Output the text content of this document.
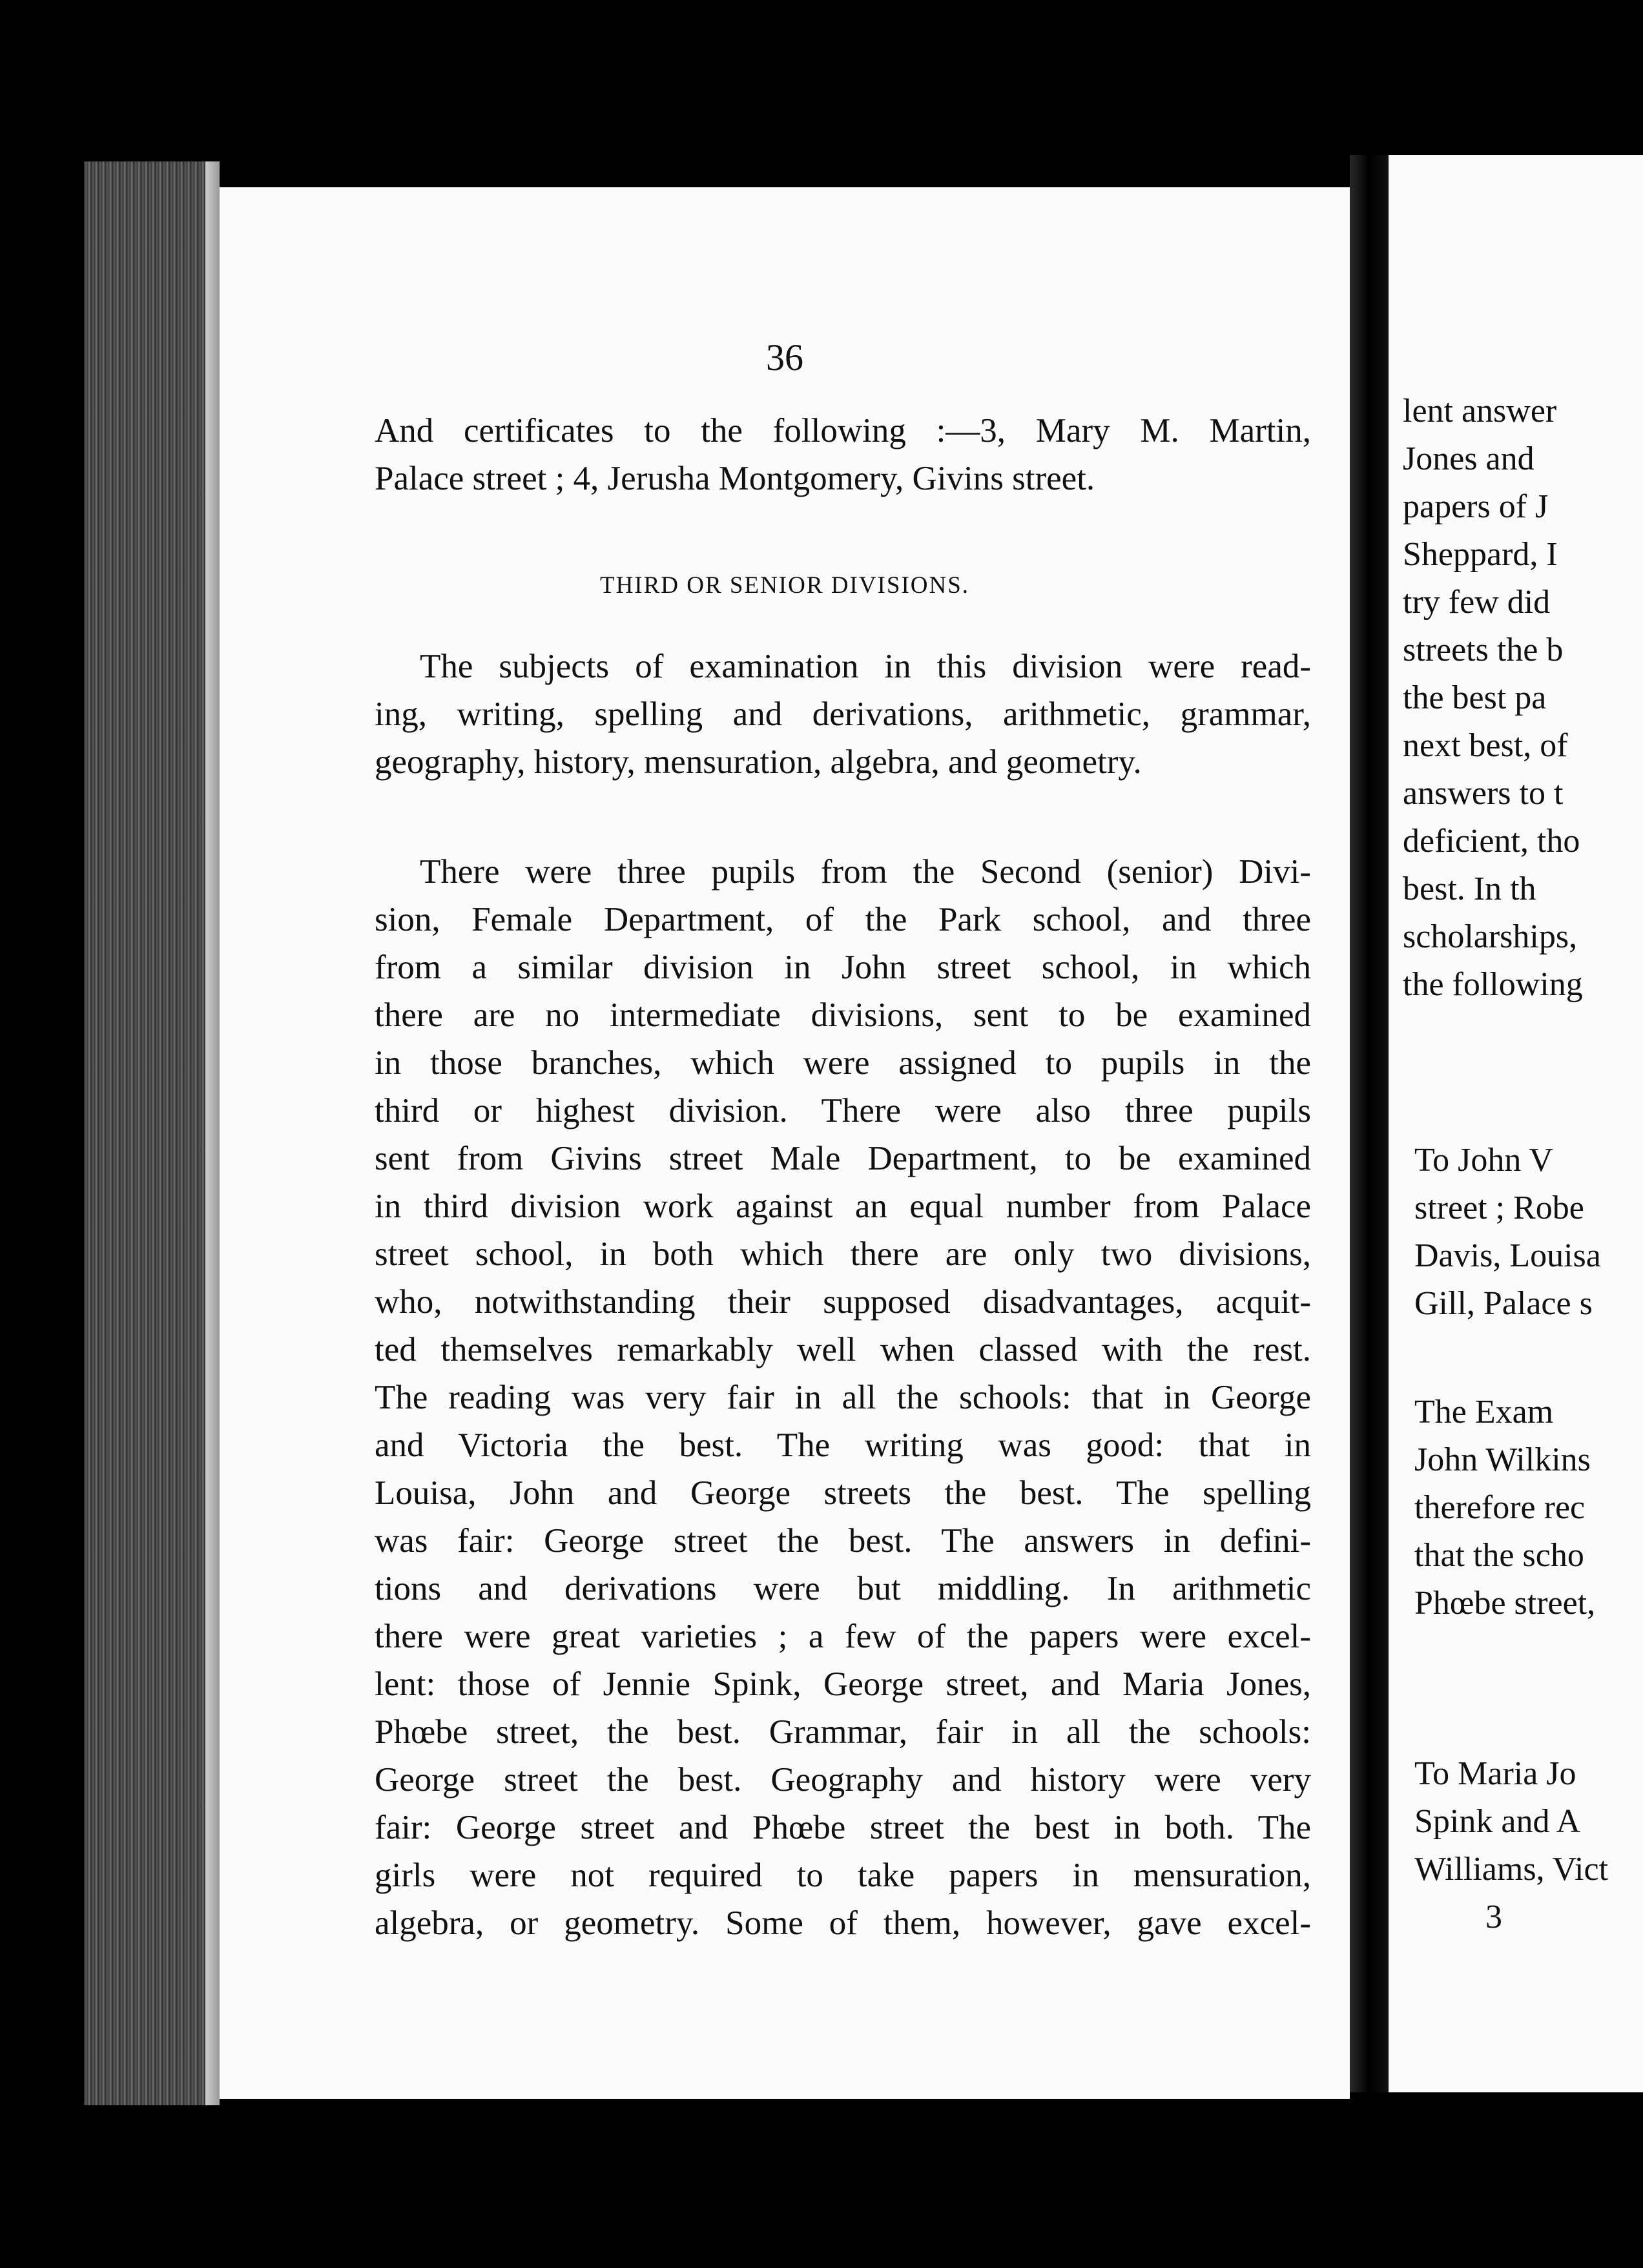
36
And certificates to the following :—3, Mary M. Martin,
Palace street ; 4, Jerusha Montgomery, Givins street.
THIRD OR SENIOR DIVISIONS.
The subjects of examination in this division were read-
ing, writing, spelling and derivations, arithmetic, grammar,
geography, history, mensuration, algebra, and geometry.
There were three pupils from the Second (senior) Divi-
sion, Female Department, of the Park school, and three
from a similar division in John street school, in which
there are no intermediate divisions, sent to be examined
in those branches, which were assigned to pupils in the
third or highest division. There were also three pupils
sent from Givins street Male Department, to be examined
in third division work against an equal number from Palace
street school, in both which there are only two divisions,
who, notwithstanding their supposed disadvantages, acquit-
ted themselves remarkably well when classed with the rest.
The reading was very fair in all the schools: that in George
and Victoria the best. The writing was good: that in
Louisa, John and George streets the best. The spelling
was fair: George street the best. The answers in defini-
tions and derivations were but middling. In arithmetic
there were great varieties ; a few of the papers were excel-
lent: those of Jennie Spink, George street, and Maria Jones,
Phœbe street, the best. Grammar, fair in all the schools:
George street the best. Geography and history were very
fair: George street and Phœbe street the best in both. The
girls were not required to take papers in mensuration,
algebra, or geometry. Some of them, however, gave excel-
lent answer
Jones and
papers of J
Sheppard, I
try few did
streets the b
the best pa
next best, of
answers to t
deficient, tho
best. In th
scholarships,
the following
To John V
street ; Robe
Davis, Louisa
Gill, Palace s
The Exam
John Wilkins
therefore rec
that the scho
Phœbe street,
To Maria Jo
Spink and A
Williams, Vict
3
